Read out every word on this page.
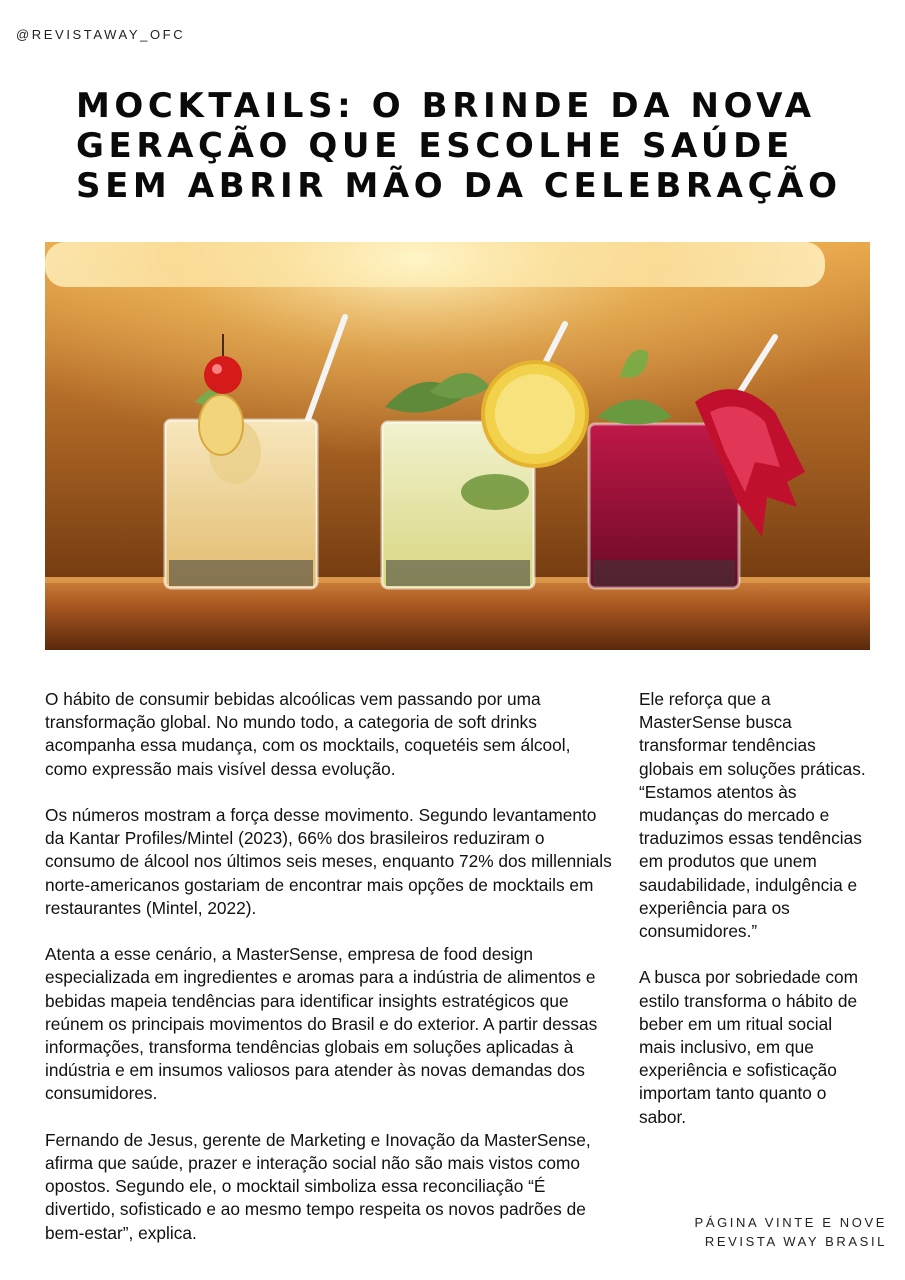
@REVISTAWAY_OFC
MOCKTAILS: O BRINDE DA NOVA
GERAÇÃO QUE ESCOLHE SAÚDE
SEM ABRIR MÃO DA CELEBRAÇÃO

O hábito de consumir bebidas alcoólicas vem passando por uma transformação global. No mundo todo, a categoria de soft drinks acompanha essa mudança, com os mocktails, coquetéis sem álcool, como expressão mais visível dessa evolução.

Os números mostram a força desse movimento. Segundo levantamento da Kantar Profiles/Mintel (2023), 66% dos brasileiros reduziram o consumo de álcool nos últimos seis meses, enquanto 72% dos millennials norte-americanos gostariam de encontrar mais opções de mocktails em restaurantes (Mintel, 2022).

Atenta a esse cenário, a MasterSense, empresa de food design especializada em ingredientes e aromas para a indústria de alimentos e bebidas mapeia tendências para identificar insights estratégicos que reúnem os principais movimentos do Brasil e do exterior. A partir dessas informações, transforma tendências globais em soluções aplicadas à indústria e em insumos valiosos para atender às novas demandas dos consumidores.

Fernando de Jesus, gerente de Marketing e Inovação da MasterSense, afirma que saúde, prazer e interação social não são mais vistos como opostos. Segundo ele, o mocktail simboliza essa reconciliação “É divertido, sofisticado e ao mesmo tempo respeita os novos padrões de bem-estar”, explica.

Ele reforça que a MasterSense busca transformar tendências globais em soluções práticas. “Estamos atentos às mudanças do mercado e traduzimos essas tendências em produtos que unem saudabilidade, indulgência e experiência para os consumidores.”

A busca por sobriedade com estilo transforma o hábito de beber em um ritual social mais inclusivo, em que experiência e sofisticação importam tanto quanto o sabor.

PÁGINA VINTE E NOVE
REVISTA WAY BRASIL
